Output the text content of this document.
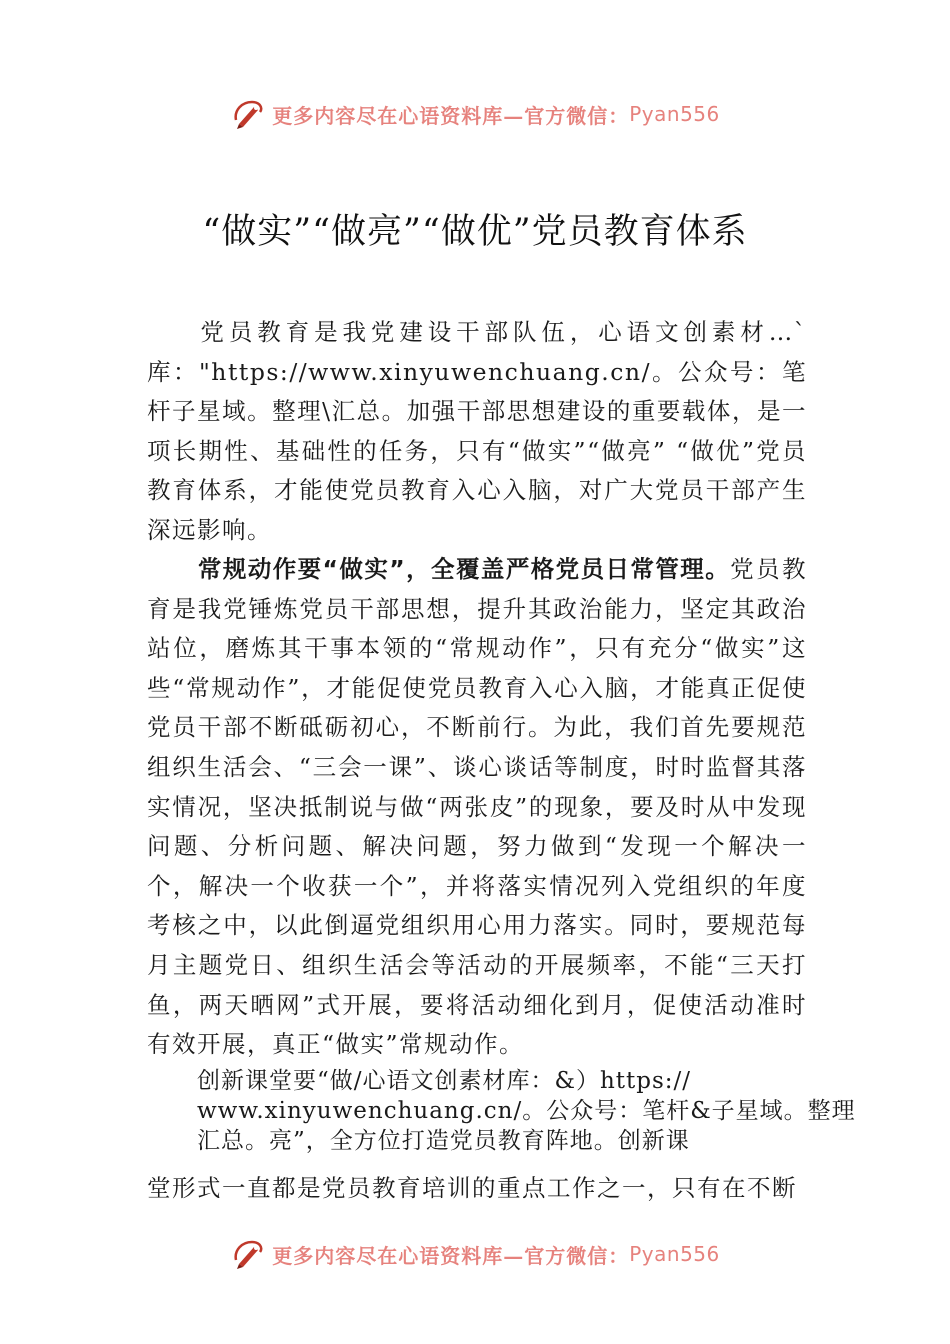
更多内容尽在心语资料库—官方微信： Pyan556
“做实”“做亮”“做优”党员教育体系
党员教育是我党建设干部队伍，心语文创素材…`库："https://www.xinyuwenchuang.cn/。公众号：笔杆子星域。整理\汇总。加强干部思想建设的重要载体，是一项长期性、基础性的任务，只有“做实”“做亮” “做优”党员教育体系，才能使党员教育入心入脑，对广大党员干部产生深远影响。
常规动作要“做实”，全覆盖严格党员日常管理。党员教育是我党锤炼党员干部思想，提升其政治能力，坚定其政治站位，磨炼其干事本领的“常规动作”，只有充分“做实”这些“常规动作”，才能促使党员教育入心入脑，才能真正促使党员干部不断砥砺初心，不断前行。为此，我们首先要规范组织生活会、“三会一课”、谈心谈话等制度，时时监督其落实情况，坚决抵制说与做“两张皮”的现象，要及时从中发现问题、分析问题、解决问题，努力做到“发现一个解决一个，解决一个收获一个”，并将落实情况列入党组织的年度考核之中，以此倒逼党组织用心用力落实。同时，要规范每月主题党日、组织生活会等活动的开展频率，不能“三天打鱼，两天晒网”式开展，要将活动细化到月，促使活动准时有效开展，真正“做实”常规动作。
创新课堂要“做/心语文创素材库：&）https://
www.xinyuwenchuang.cn/。公众号：笔杆&子星域。整理
汇总。亮”，全方位打造党员教育阵地。创新课
堂形式一直都是党员教育培训的重点工作之一，只有在不断
更多内容尽在心语资料库—官方微信： Pyan556
